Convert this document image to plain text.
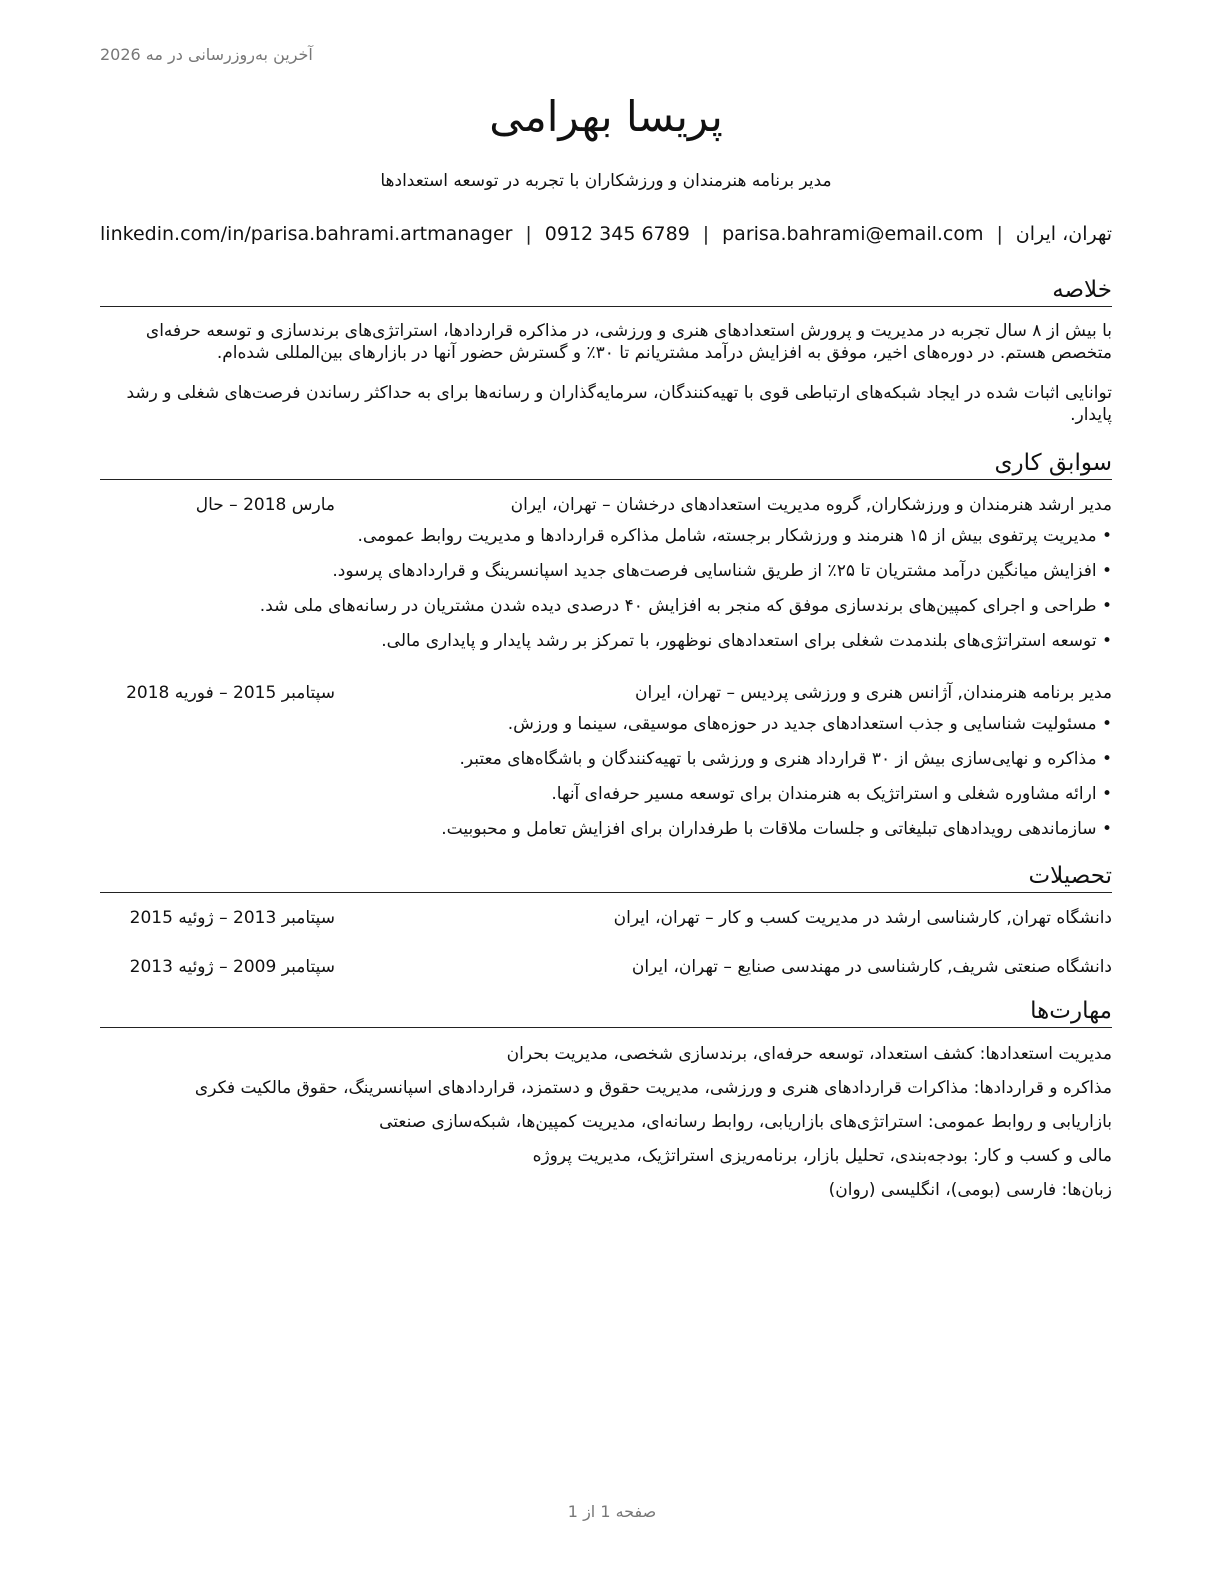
آخرین به‌روزرسانی در مه 2026
پریسا بهرامی
مدیر برنامه هنرمندان و ورزشکاران با تجربه در توسعه استعدادها
تهران، ایران
|
parisa.bahrami@email.com
|
0912 345 6789
|
linkedin.com/in/parisa.bahrami.artmanager
خلاصه

با بیش از ۸ سال تجربه در مدیریت و پرورش استعدادهای هنری و ورزشی، در مذاکره قراردادها، استراتژی‌های برندسازی و توسعه حرفه‌ای متخصص هستم. در دوره‌های اخیر، موفق به افزایش درآمد مشتریانم تا ۳۰٪ و گسترش حضور آنها در بازارهای بین‌المللی شده‌ام.

توانایی اثبات شده در ایجاد شبکه‌های ارتباطی قوی با تهیه‌کنندگان، سرمایه‌گذاران و رسانه‌ها برای به حداکثر رساندن فرصت‌های شغلی و رشد پایدار.

سوابق کاری
مدیر ارشد هنرمندان و ورزشکاران, گروه مدیریت استعدادهای درخشان – تهران، ایران
مارس 2018 – حال
• مدیریت پرتفوی بیش از ۱۵ هنرمند و ورزشکار برجسته، شامل مذاکره قراردادها و مدیریت روابط عمومی.
• افزایش میانگین درآمد مشتریان تا ۲۵٪ از طریق شناسایی فرصت‌های جدید اسپانسرینگ و قراردادهای پرسود.
• طراحی و اجرای کمپین‌های برندسازی موفق که منجر به افزایش ۴۰ درصدی دیده شدن مشتریان در رسانه‌های ملی شد.
• توسعه استراتژی‌های بلندمدت شغلی برای استعدادهای نوظهور، با تمرکز بر رشد پایدار و پایداری مالی.
مدیر برنامه هنرمندان, آژانس هنری و ورزشی پردیس – تهران، ایران
سپتامبر 2015 – فوریه 2018
• مسئولیت شناسایی و جذب استعدادهای جدید در حوزه‌های موسیقی، سینما و ورزش.
• مذاکره و نهایی‌سازی بیش از ۳۰ قرارداد هنری و ورزشی با تهیه‌کنندگان و باشگاه‌های معتبر.
• ارائه مشاوره شغلی و استراتژیک به هنرمندان برای توسعه مسیر حرفه‌ای آنها.
• سازماندهی رویدادهای تبلیغاتی و جلسات ملاقات با طرفداران برای افزایش تعامل و محبوبیت.
تحصیلات
دانشگاه تهران, کارشناسی ارشد در مدیریت کسب و کار – تهران، ایران
سپتامبر 2013 – ژوئیه 2015
دانشگاه صنعتی شریف, کارشناسی در مهندسی صنایع – تهران، ایران
سپتامبر 2009 – ژوئیه 2013
مهارت‌ها
مدیریت استعدادها: کشف استعداد، توسعه حرفه‌ای، برندسازی شخصی، مدیریت بحران
مذاکره و قراردادها: مذاکرات قراردادهای هنری و ورزشی، مدیریت حقوق و دستمزد، قراردادهای اسپانسرینگ، حقوق مالکیت فکری
بازاریابی و روابط عمومی: استراتژی‌های بازاریابی، روابط رسانه‌ای، مدیریت کمپین‌ها، شبکه‌سازی صنعتی
مالی و کسب و کار: بودجه‌بندی، تحلیل بازار، برنامه‌ریزی استراتژیک، مدیریت پروژه
زبان‌ها: فارسی (بومی)، انگلیسی (روان)
صفحه 1 از 1
